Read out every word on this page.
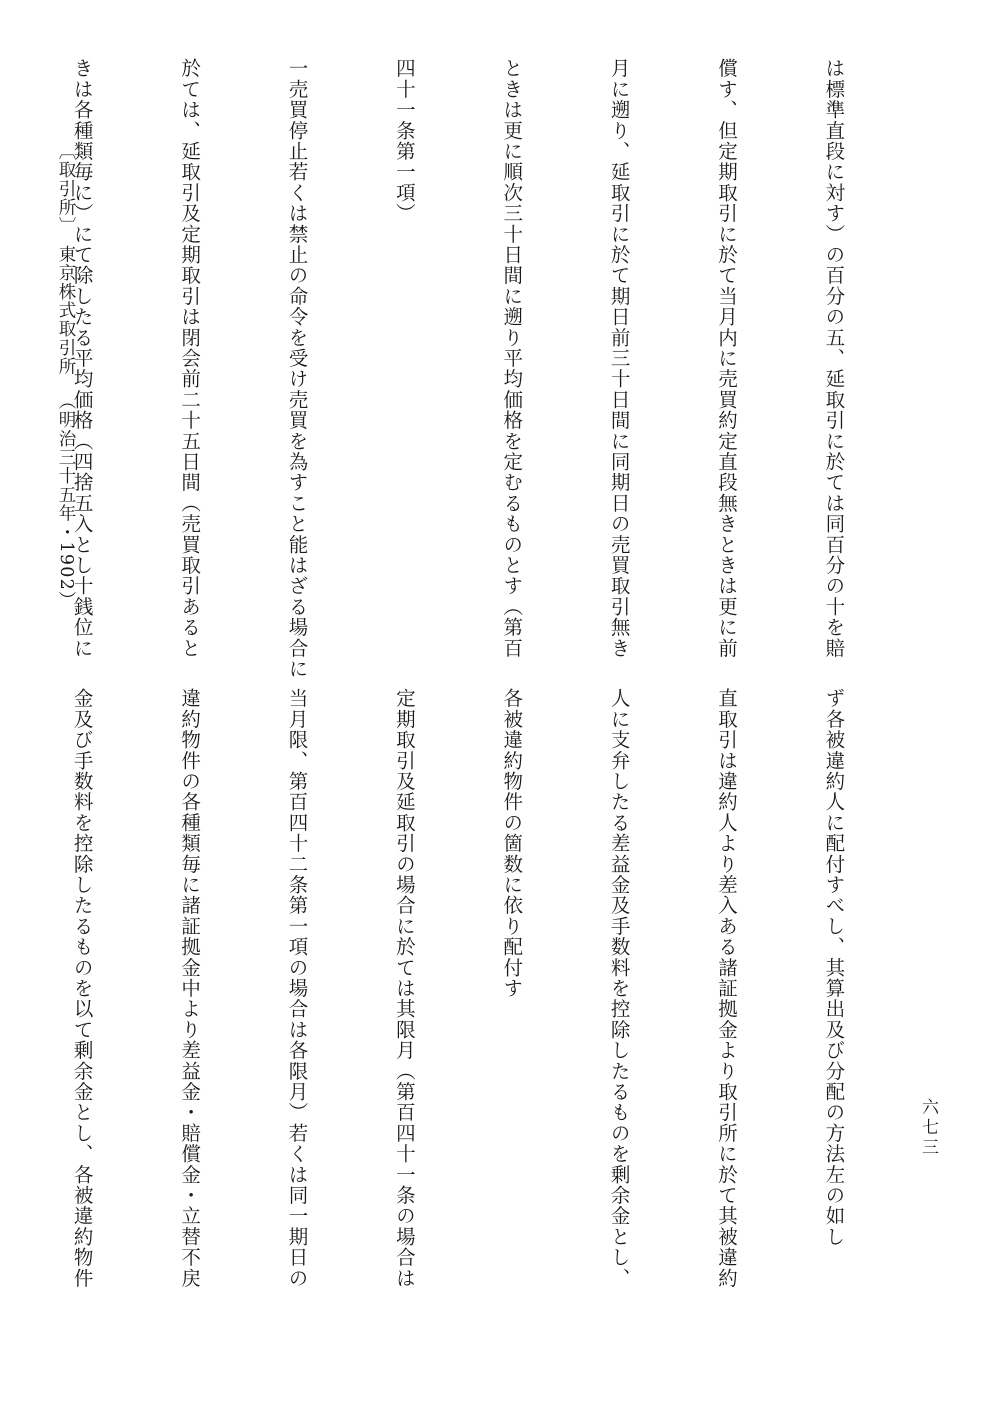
は標準直段に対す）の百分の五、延取引に於ては同百分の十を賠

償す、但定期取引に於て当月内に売買約定直段無きときは更に前

月に遡り、延取引に於て期日前三十日間に同期日の売買取引無き

ときは更に順次三十日間に遡り平均価格を定むるものとす（第百

四十一条第一項）

一売買停止若くは禁止の命令を受け売買を為すこと能はざる場合に

於ては、延取引及定期取引は閉会前二十五日間（売買取引あると

きは各種類毎に）にて除したる平均価格（四捨五入とし十銭位に

ず各被違約人に配付すべし、其算出及び分配の方法左の如し

直取引は違約人より差入ある諸証拠金より取引所に於て其被違約

人に支弁したる差益金及手数料を控除したるものを剰余金とし、

各被違約物件の箇数に依り配付す

定期取引及延取引の場合に於ては其限月（第百四十一条の場合は

当月限、第百四十二条第一項の場合は各限月）若くは同一期日の

違約物件の各種類毎に諸証拠金中より差益金・賠償金・立替不戻

金及び手数料を控除したるものを以て剰余金とし、各被違約物件

〔取引所〕
東京株式取引所
（明治三十五年・1902）
六七三
